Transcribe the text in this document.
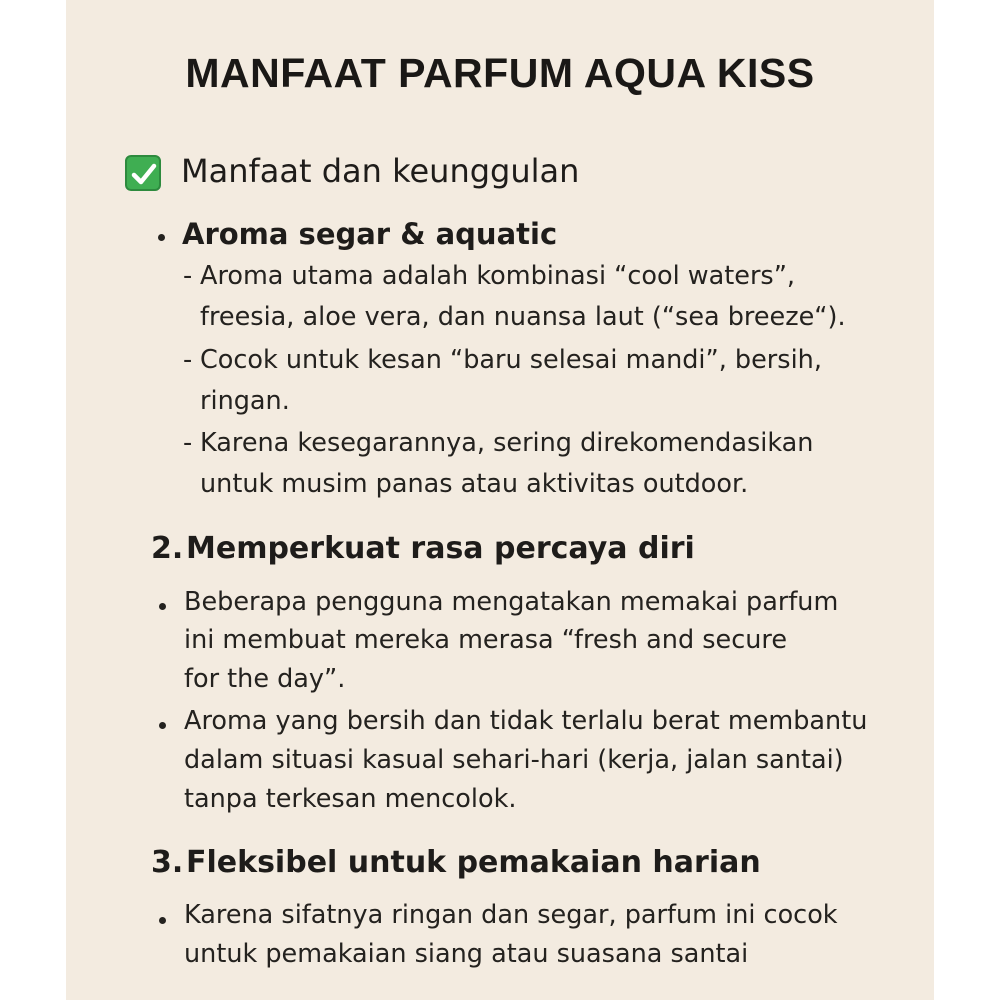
MANFAAT PARFUM AQUA KISS
Manfaat dan keunggulan
Aroma segar & aquatic
- Aroma utama adalah kombinasi “cool waters”,
freesia, aloe vera, dan nuansa laut (“sea breeze“).
- Cocok untuk kesan “baru selesai mandi”, bersih,
ringan.
- Karena kesegarannya, sering direkomendasikan
untuk musim panas atau aktivitas outdoor.
2. Memperkuat rasa percaya diri
Beberapa pengguna mengatakan memakai parfum
ini membuat mereka merasa “fresh and secure
for the day”.
Aroma yang bersih dan tidak terlalu berat membantu
dalam situasi kasual sehari-hari (kerja, jalan santai)
tanpa terkesan mencolok.
3. Fleksibel untuk pemakaian harian
Karena sifatnya ringan dan segar, parfum ini cocok
untuk pemakaian siang atau suasana santai
